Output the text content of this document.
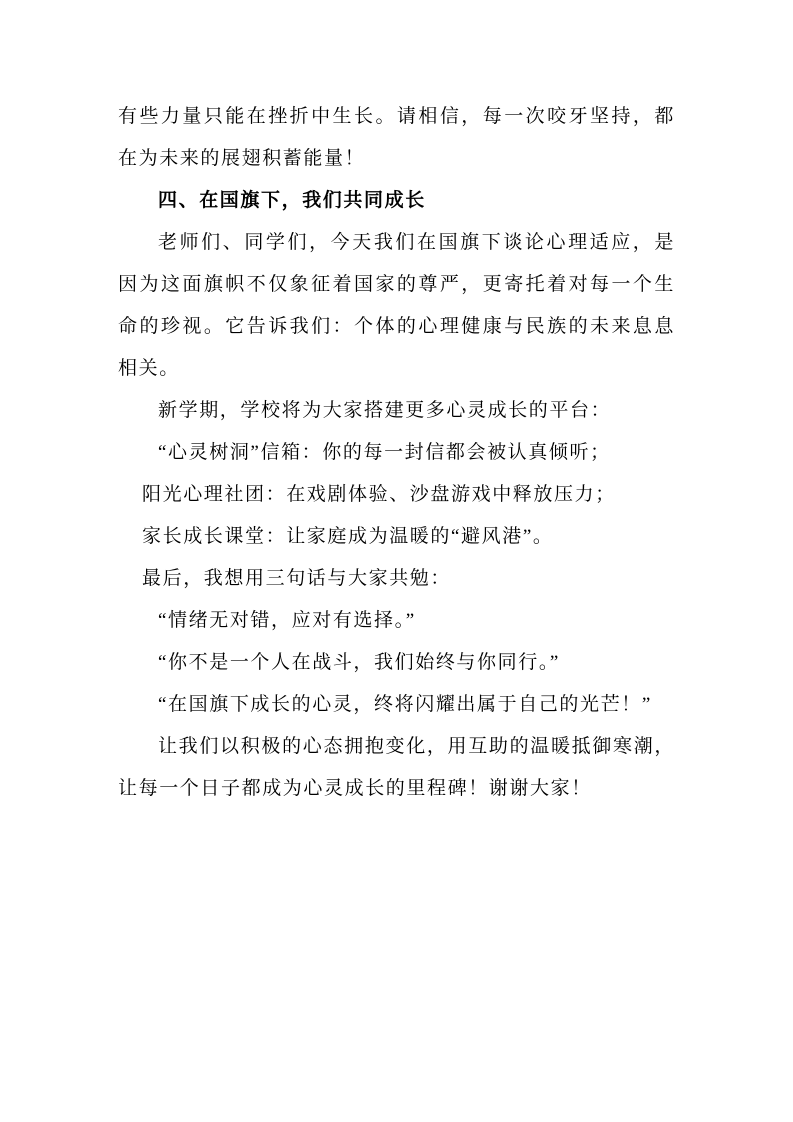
有些力量只能在挫折中生长。请相信，每一次咬牙坚持，都
在为未来的展翅积蓄能量！

四、在国旗下，我们共同成长

老师们、同学们，今天我们在国旗下谈论心理适应，是
因为这面旗帜不仅象征着国家的尊严，更寄托着对每一个生
命的珍视。它告诉我们：个体的心理健康与民族的未来息息
相关。

新学期，学校将为大家搭建更多心灵成长的平台：

“心灵树洞”信箱：你的每一封信都会被认真倾听；

阳光心理社团：在戏剧体验、沙盘游戏中释放压力；

家长成长课堂：让家庭成为温暖的“避风港”。

最后，我想用三句话与大家共勉：

“情绪无对错，应对有选择。”

“你不是一个人在战斗，我们始终与你同行。”

“在国旗下成长的心灵，终将闪耀出属于自己的光芒！”

让我们以积极的心态拥抱变化，用互助的温暖抵御寒潮，
让每一个日子都成为心灵成长的里程碑！谢谢大家！
